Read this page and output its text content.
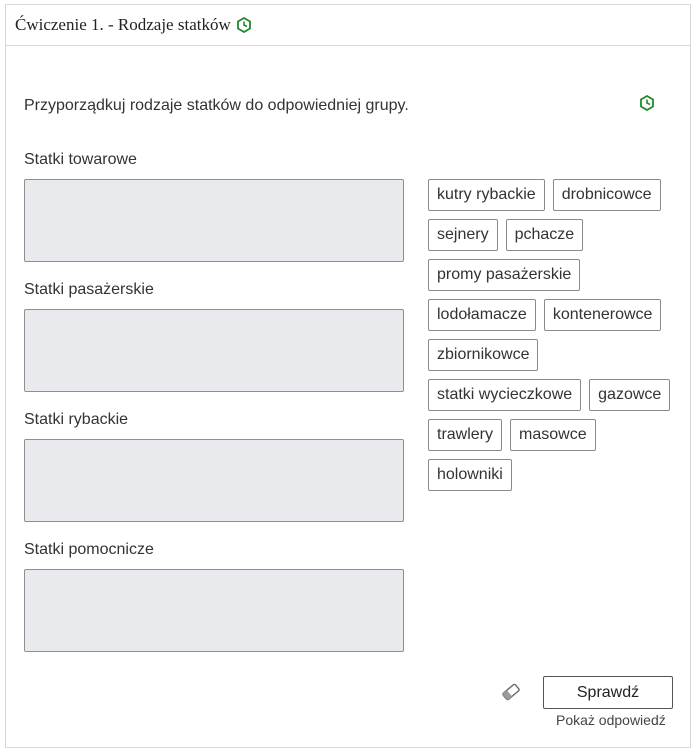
Ćwiczenie 1. - Rodzaje statków
Przyporządkuj rodzaje statków do odpowiedniej grupy.
Statki towarowe
Statki pasażerskie
Statki rybackie
Statki pomocnicze
kutry rybackie	drobnicowce
sejnery	pchacze
promy pasażerskie
lodołamacze	kontenerowce
zbiornikowce
statki wycieczkowe	gazowce
trawlery	masowce
holowniki
Sprawdź
Pokaż odpowiedź
